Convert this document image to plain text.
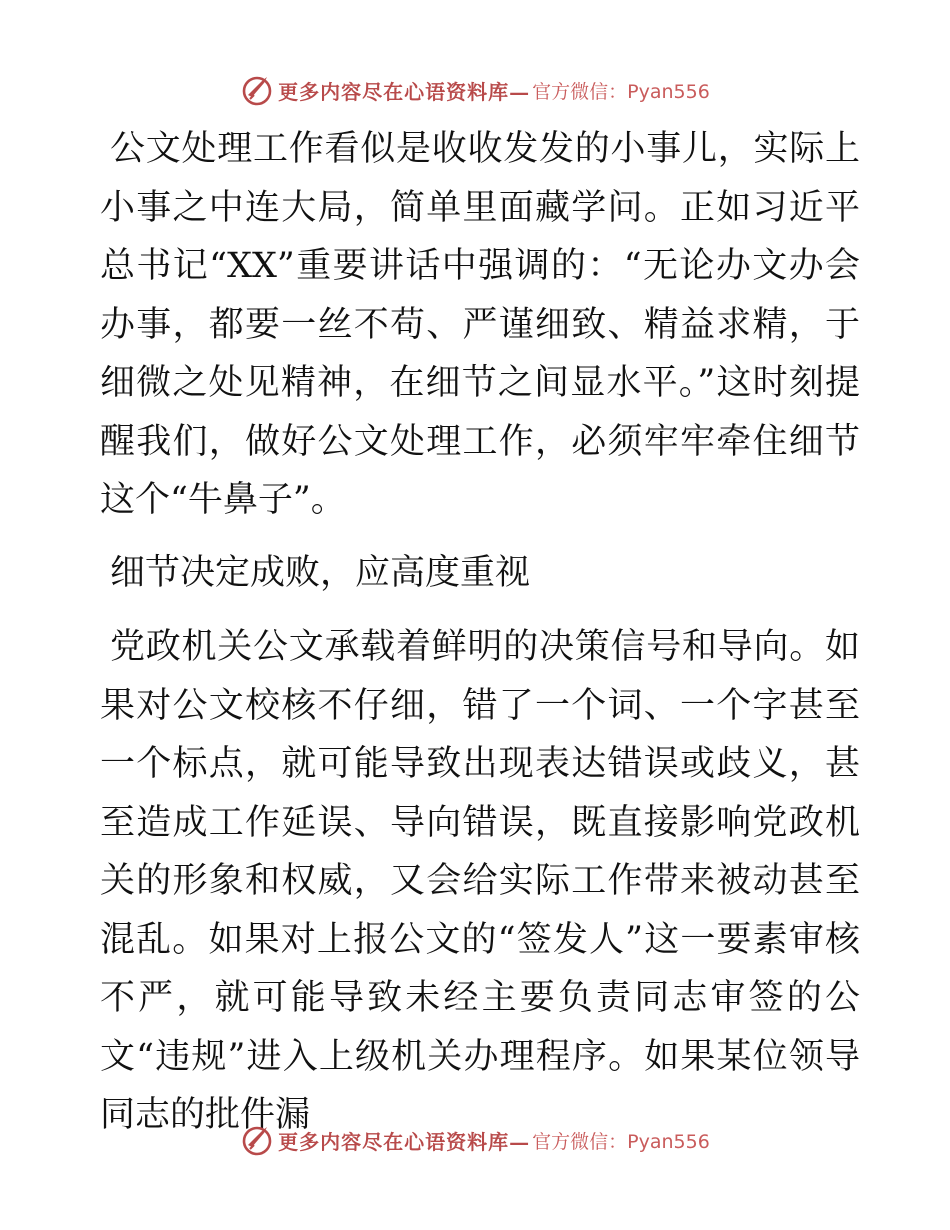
更多内容尽在心语资料库— 官方微信：Pyan556

公文处理工作看似是收收发发的小事儿，实际上小事之中连大局，简单里面藏学问。正如习近平总书记“XX”重要讲话中强调的：“无论办文办会办事，都要一丝不苟、严谨细致、精益求精，于细微之处见精神，在细节之间显水平。”这时刻提醒我们，做好公文处理工作，必须牢牢牵住细节这个“牛鼻子”。

细节决定成败，应高度重视

党政机关公文承载着鲜明的决策信号和导向。如果对公文校核不仔细，错了一个词、一个字甚至一个标点，就可能导致出现表达错误或歧义，甚至造成工作延误、导向错误，既直接影响党政机关的形象和权威，又会给实际工作带来被动甚至混乱。如果对上报公文的“签发人”这一要素审核不严，就可能导致未经主要负责同志审签的公文“违规”进入上级机关办理程序。如果某位领导同志的批件漏

更多内容尽在心语资料库— 官方微信：Pyan556
